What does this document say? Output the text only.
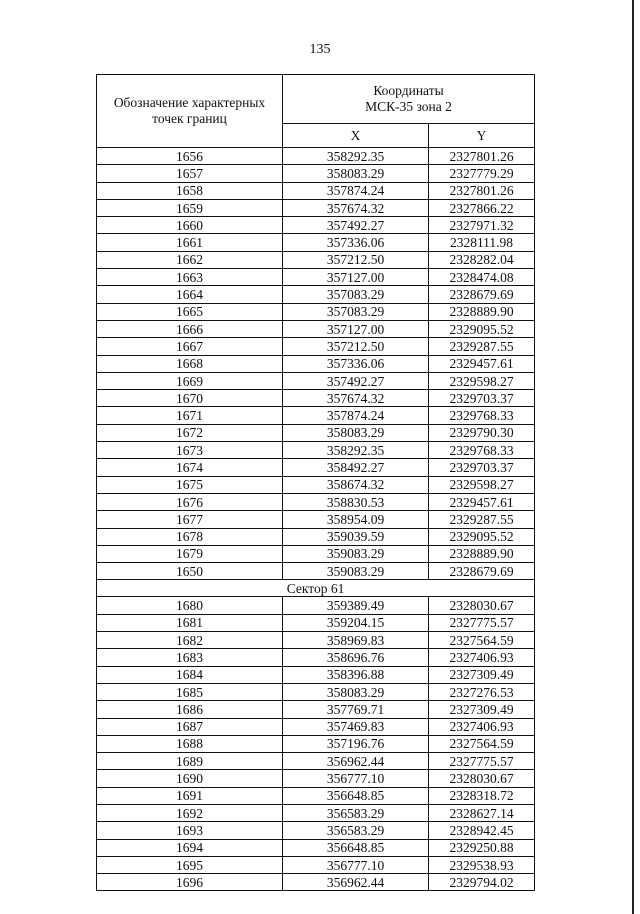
135
Обозначение характерных
точек границ	Координаты
МСК-35 зона 2	

	X	Y
1656	358292.35	2327801.26
1657	358083.29	2327779.29
1658	357874.24	2327801.26
1659	357674.32	2327866.22
1660	357492.27	2327971.32
1661	357336.06	2328111.98
1662	357212.50	2328282.04
1663	357127.00	2328474.08
1664	357083.29	2328679.69
1665	357083.29	2328889.90
1666	357127.00	2329095.52
1667	357212.50	2329287.55
1668	357336.06	2329457.61
1669	357492.27	2329598.27
1670	357674.32	2329703.37
1671	357874.24	2329768.33
1672	358083.29	2329790.30
1673	358292.35	2329768.33
1674	358492.27	2329703.37
1675	358674.32	2329598.27
1676	358830.53	2329457.61
1677	358954.09	2329287.55
1678	359039.59	2329095.52
1679	359083.29	2328889.90
1650	359083.29	2328679.69
Сектор 61		
1680	359389.49	2328030.67
1681	359204.15	2327775.57
1682	358969.83	2327564.59
1683	358696.76	2327406.93
1684	358396.88	2327309.49
1685	358083.29	2327276.53
1686	357769.71	2327309.49
1687	357469.83	2327406.93
1688	357196.76	2327564.59
1689	356962.44	2327775.57
1690	356777.10	2328030.67
1691	356648.85	2328318.72
1692	356583.29	2328627.14
1693	356583.29	2328942.45
1694	356648.85	2329250.88
1695	356777.10	2329538.93
1696	356962.44	2329794.02
